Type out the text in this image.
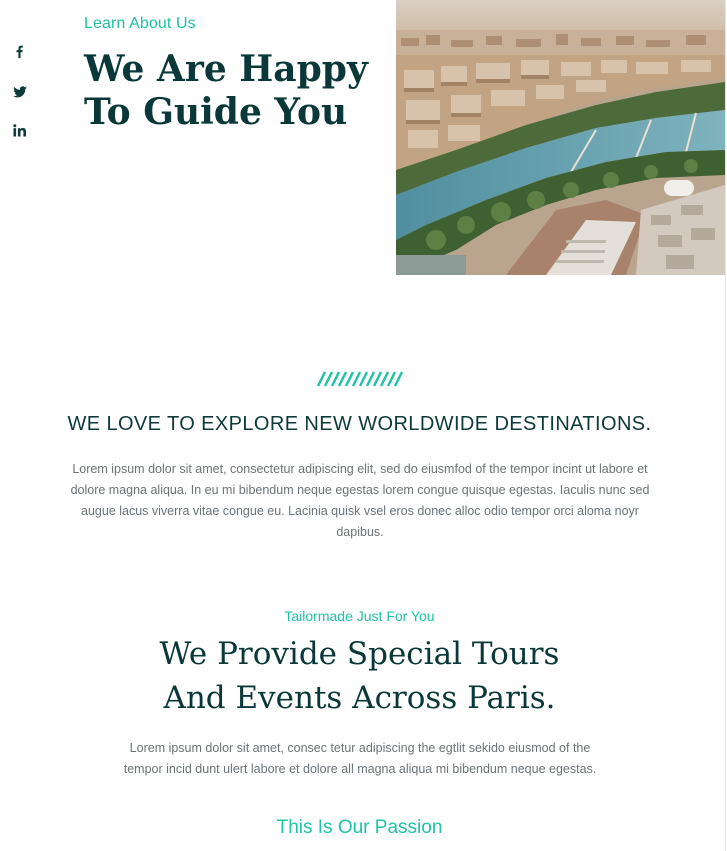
Learn About Us
We Are Happy To Guide You
WE LOVE TO EXPLORE NEW WORLDWIDE DESTINATIONS.

Lorem ipsum dolor sit amet, consectetur adipiscing elit, sed do eiusmfod of the tempor incint ut labore et dolore magna aliqua. In eu mi bibendum neque egestas lorem congue quisque egestas. Iaculis nunc sed augue lacus viverra vitae congue eu. Lacinia quisk vsel eros donec alloc odio tempor orci aloma noyr dapibus.

Tailormade Just For You
We Provide Special Tours
And Events Across Paris.

Lorem ipsum dolor sit amet, consec tetur adipiscing the egtlit sekido eiusmod of the tempor incid dunt ulert labore et dolore all magna aliqua mi bibendum neque egestas.

This Is Our Passion
